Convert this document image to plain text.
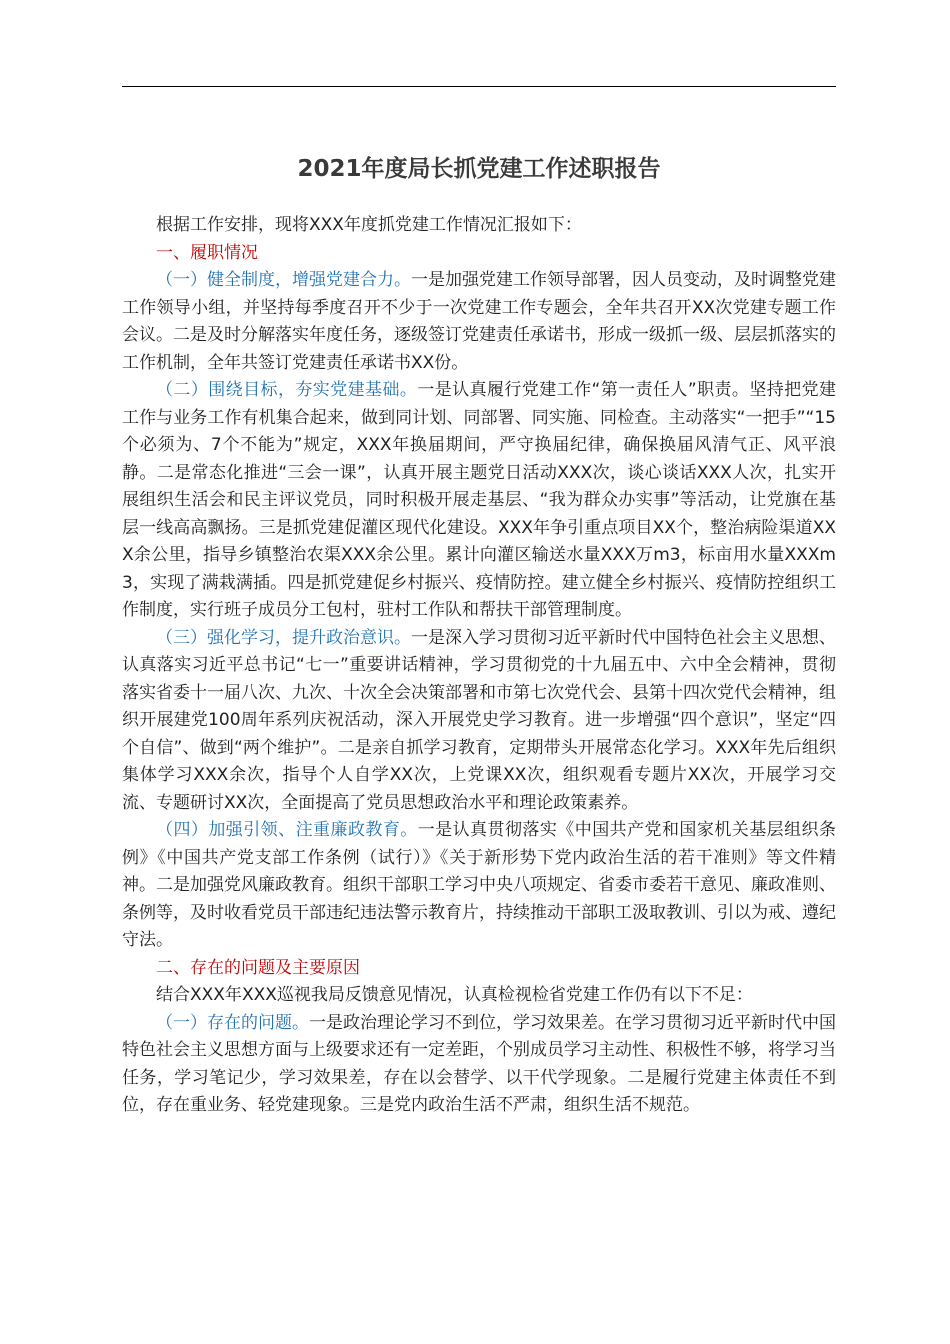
2021年度局长抓党建工作述职报告

根据工作安排，现将XXX年度抓党建工作情况汇报如下：

一、履职情况

（一）健全制度，增强党建合力。一是加强党建工作领导部署，因人员变动，及时调整党建工作领导小组，并坚持每季度召开不少于一次党建工作专题会，全年共召开XX次党建专题工作会议。二是及时分解落实年度任务，逐级签订党建责任承诺书，形成一级抓一级、层层抓落实的工作机制，全年共签订党建责任承诺书XX份。

（二）围绕目标，夯实党建基础。一是认真履行党建工作“第一责任人”职责。坚持把党建工作与业务工作有机集合起来，做到同计划、同部署、同实施、同检查。主动落实“一把手”“15个必须为、7个不能为”规定，XXX年换届期间，严守换届纪律，确保换届风清气正、风平浪静。二是常态化推进“三会一课”，认真开展主题党日活动XXX次，谈心谈话XXX人次，扎实开展组织生活会和民主评议党员，同时积极开展走基层、“我为群众办实事”等活动，让党旗在基层一线高高飘扬。三是抓党建促灌区现代化建设。XXX年争引重点项目XX个，整治病险渠道XXX余公里，指导乡镇整治农渠XXX余公里。累计向灌区输送水量XXX万m3，标亩用水量XXXm3，实现了满栽满插。四是抓党建促乡村振兴、疫情防控。建立健全乡村振兴、疫情防控组织工作制度，实行班子成员分工包村，驻村工作队和帮扶干部管理制度。

（三）强化学习，提升政治意识。一是深入学习贯彻习近平新时代中国特色社会主义思想、认真落实习近平总书记“七一”重要讲话精神，学习贯彻党的十九届五中、六中全会精神，贯彻落实省委十一届八次、九次、十次全会决策部署和市第七次党代会、县第十四次党代会精神，组织开展建党100周年系列庆祝活动，深入开展党史学习教育。进一步增强“四个意识”，坚定“四个自信”、做到“两个维护”。二是亲自抓学习教育，定期带头开展常态化学习。XXX年先后组织集体学习XXX余次，指导个人自学XX次，上党课XX次，组织观看专题片XX次，开展学习交流、专题研讨XX次，全面提高了党员思想政治水平和理论政策素养。

（四）加强引领、注重廉政教育。一是认真贯彻落实《中国共产党和国家机关基层组织条例》《中国共产党支部工作条例（试行）》《关于新形势下党内政治生活的若干准则》等文件精神。二是加强党风廉政教育。组织干部职工学习中央八项规定、省委市委若干意见、廉政准则、条例等，及时收看党员干部违纪违法警示教育片，持续推动干部职工汲取教训、引以为戒、遵纪守法。

二、存在的问题及主要原因

结合XXX年XXX巡视我局反馈意见情况，认真检视检省党建工作仍有以下不足：

（一）存在的问题。一是政治理论学习不到位，学习效果差。在学习贯彻习近平新时代中国特色社会主义思想方面与上级要求还有一定差距，个别成员学习主动性、积极性不够，将学习当任务，学习笔记少，学习效果差，存在以会替学、以干代学现象。二是履行党建主体责任不到位，存在重业务、轻党建现象。三是党内政治生活不严肃，组织生活不规范。
